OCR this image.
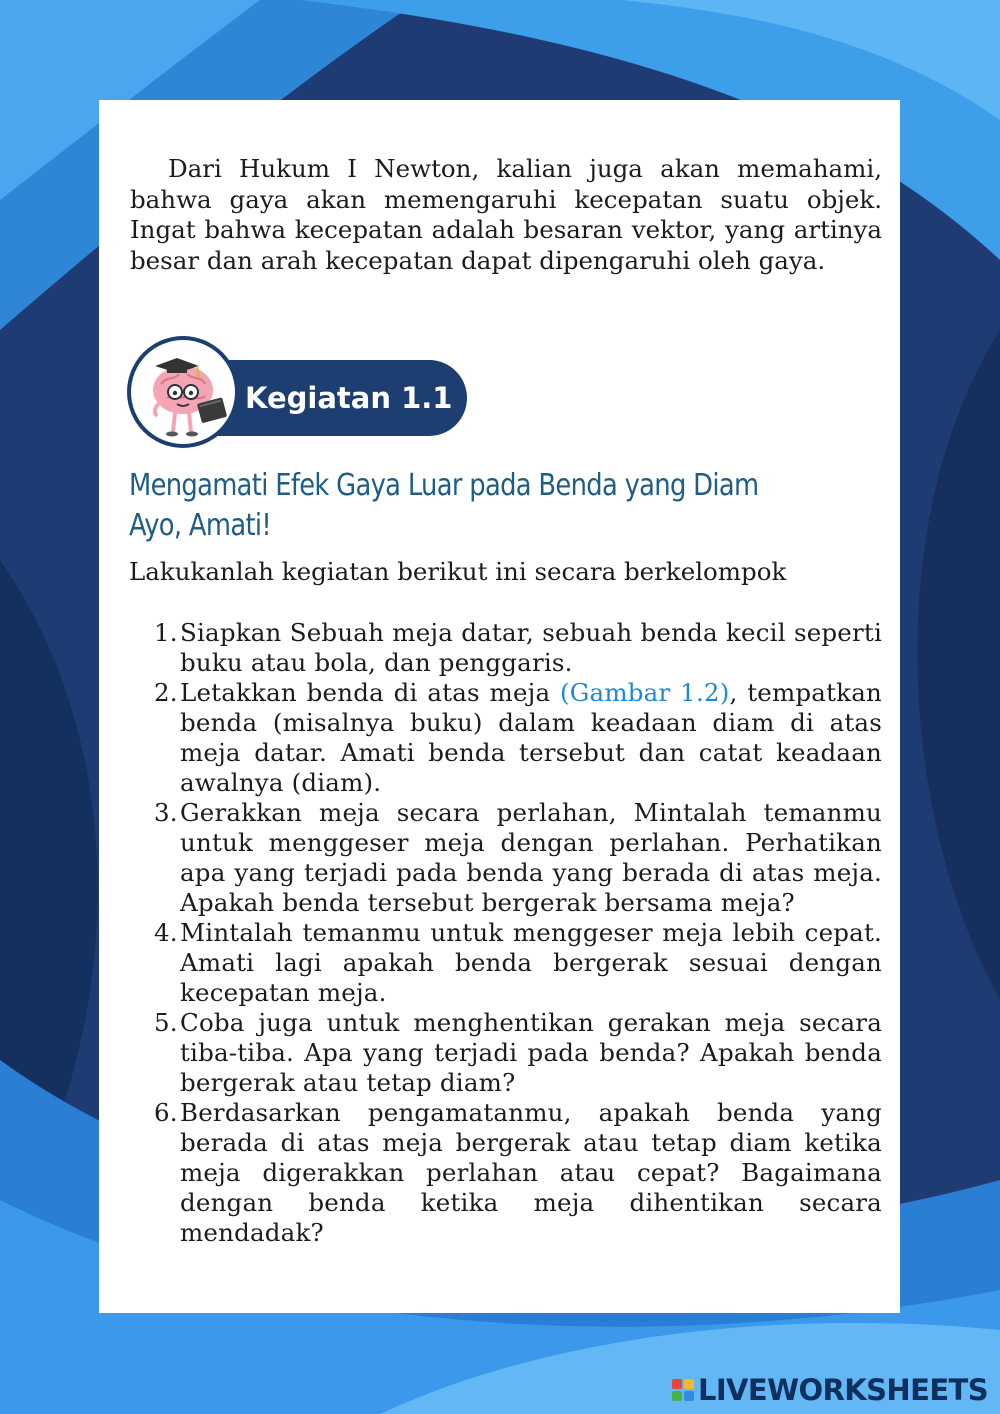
Dari Hukum I Newton, kalian juga akan memahami, bahwa gaya akan memengaruhi kecepatan suatu objek. Ingat bahwa kecepatan adalah besaran vektor, yang artinya besar dan arah kecepatan dapat dipengaruhi oleh gaya.

Kegiatan 1.1
Mengamati Efek Gaya Luar pada Benda yang Diam
Ayo, Amati!

Lakukanlah kegiatan berikut ini secara berkelompok

1. Siapkan Sebuah meja datar, sebuah benda kecil seperti buku atau bola, dan penggaris.
2. Letakkan benda di atas meja (Gambar 1.2), tempatkan benda (misalnya buku) dalam keadaan diam di atas meja datar. Amati benda tersebut dan catat keadaan awalnya (diam).
3. Gerakkan meja secara perlahan, Mintalah temanmu untuk menggeser meja dengan perlahan. Perhatikan apa yang terjadi pada benda yang berada di atas meja. Apakah benda tersebut bergerak bersama meja?
4. Mintalah temanmu untuk menggeser meja lebih cepat. Amati lagi apakah benda bergerak sesuai dengan kecepatan meja.
5. Coba juga untuk menghentikan gerakan meja secara tiba-tiba. Apa yang terjadi pada benda? Apakah benda bergerak atau tetap diam?
6. Berdasarkan pengamatanmu, apakah benda yang berada di atas meja bergerak atau tetap diam ketika meja digerakkan perlahan atau cepat? Bagaimana dengan benda ketika meja dihentikan secara mendadak?
LIVEWORKSHEETS
